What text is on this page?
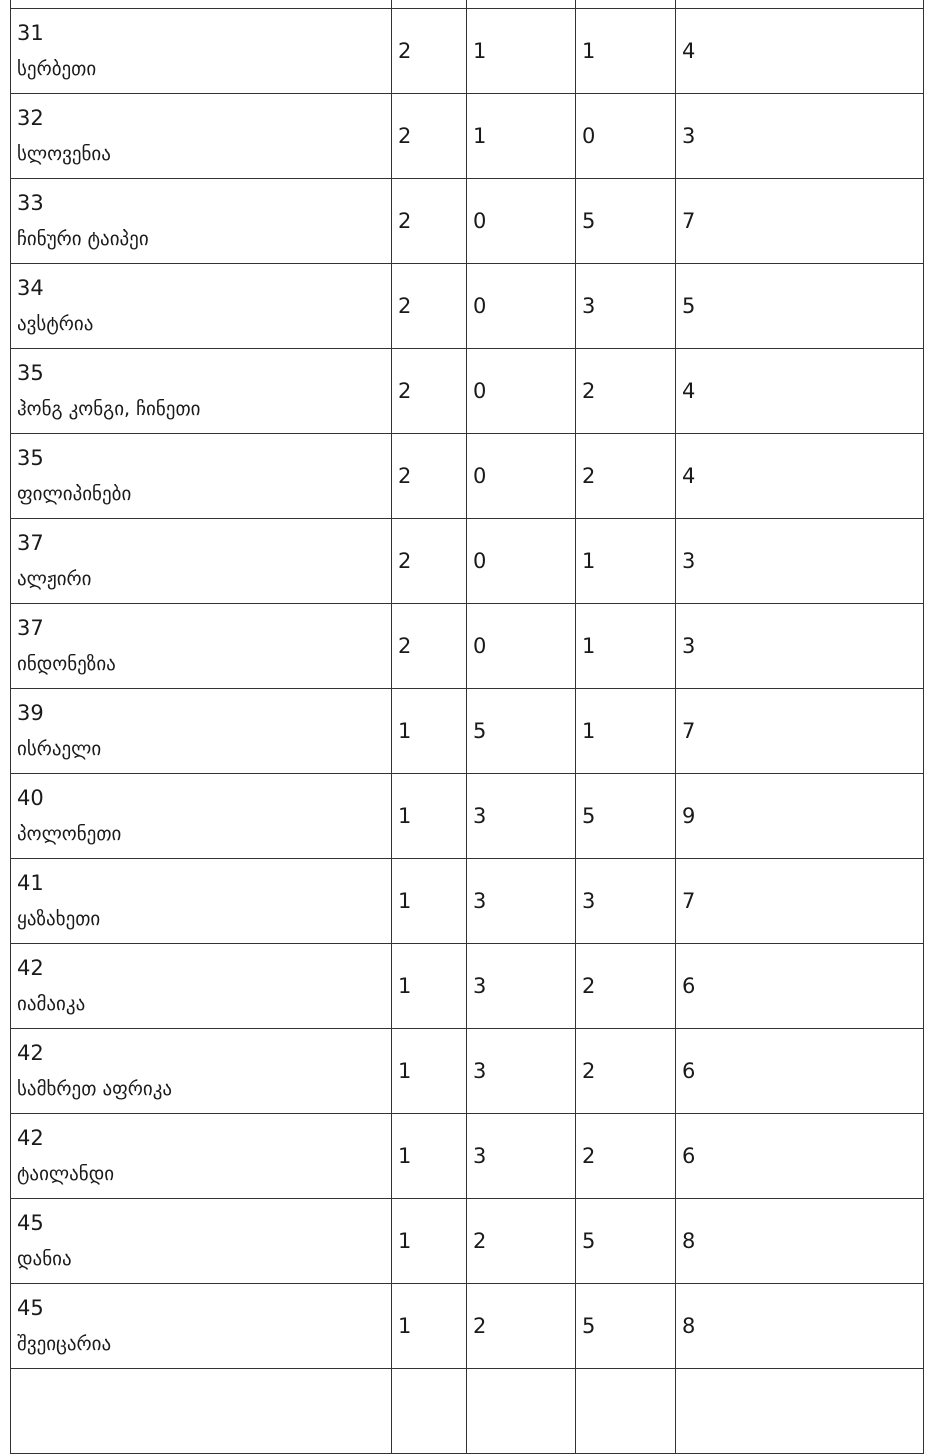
31
სერბეთი	2	1	1	4

32
სლოვენია	2	1	0	3

33
ჩინური ტაიპეი	2	0	5	7

34
ავსტრია	2	0	3	5

35
ჰონგ კონგი, ჩინეთი	2	0	2	4

35
ფილიპინები	2	0	2	4

37
ალჟირი	2	0	1	3

37
ინდონეზია	2	0	1	3

39
ისრაელი	1	5	1	7

40
პოლონეთი	1	3	5	9

41
ყაზახეთი	1	3	3	7

42
იამაიკა	1	3	2	6

42
სამხრეთ აფრიკა	1	3	2	6

42
ტაილანდი	1	3	2	6

45
დანია	1	2	5	8

45
შვეიცარია	1	2	5	8
